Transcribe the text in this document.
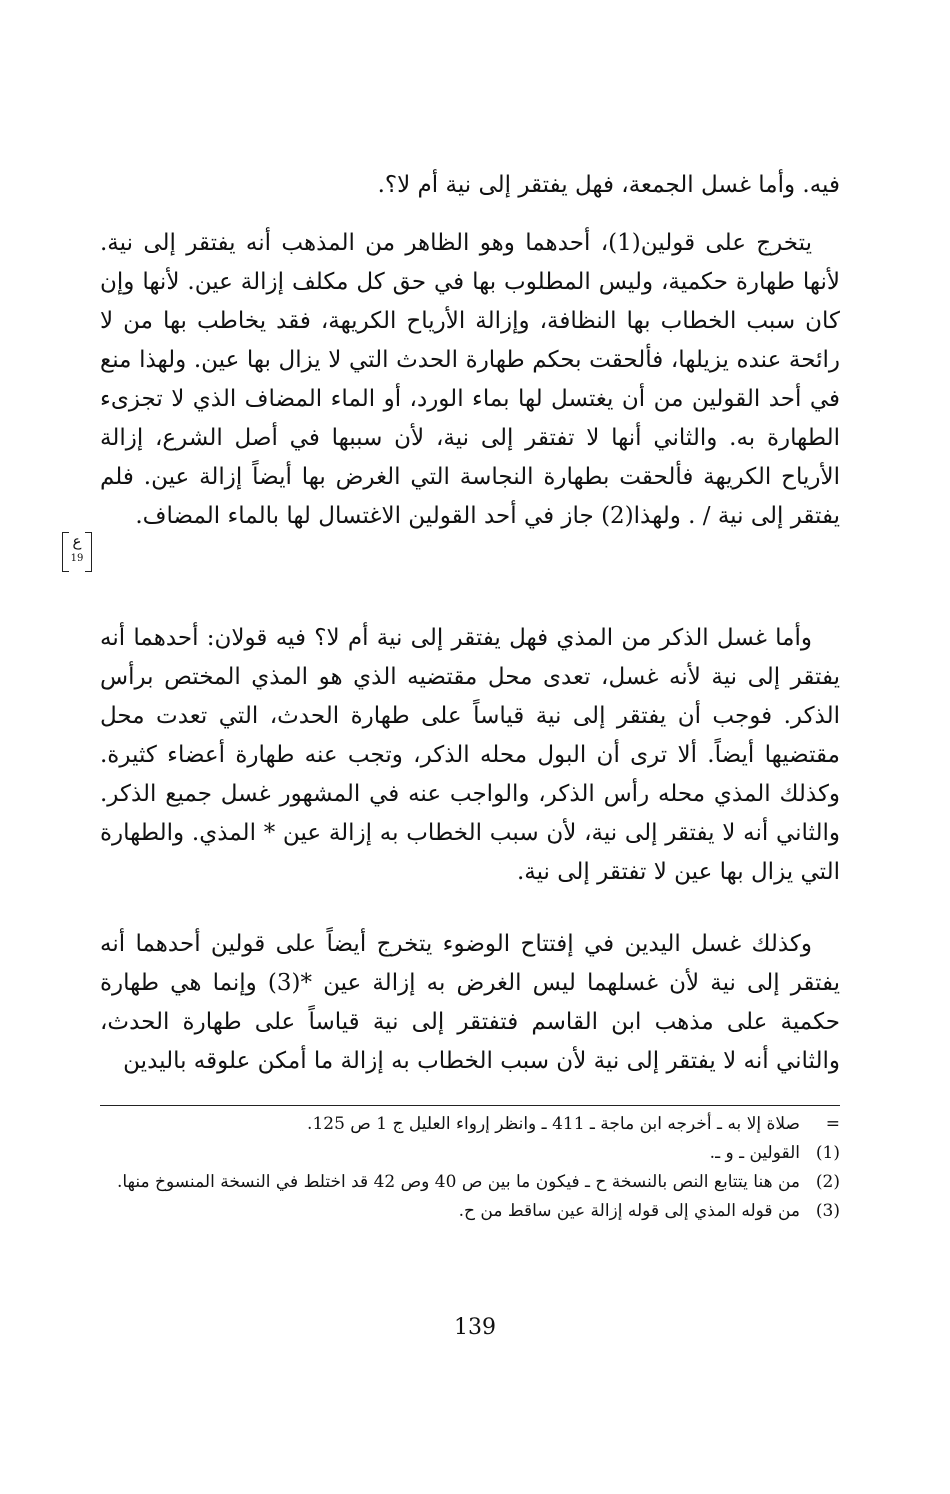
فيه. وأما غسل الجمعة، فهل يفتقر إلى نية أم لا؟.

يتخرج على قولين(1)، أحدهما وهو الظاهر من المذهب أنه يفتقر إلى نية. لأنها طهارة حكمية، وليس المطلوب بها في حق كل مكلف إزالة عين. لأنها وإن كان سبب الخطاب بها النظافة، وإزالة الأرياح الكريهة، فقد يخاطب بها من لا رائحة عنده يزيلها، فألحقت بحكم طهارة الحدث التي لا يزال بها عين. ولهذا منع في أحد القولين من أن يغتسل لها بماء الورد، أو الماء المضاف الذي لا تجزىء الطهارة به. والثاني أنها لا تفتقر إلى نية، لأن سببها في أصل الشرع، إزالة الأرياح الكريهة فألحقت بطهارة النجاسة التي الغرض بها أيضاً إزالة عين. فلم يفتقر إلى نية / . ولهذا(2) جاز في أحد القولين الاغتسال لها بالماء المضاف.

ع
19

وأما غسل الذكر من المذي فهل يفتقر إلى نية أم لا؟ فيه قولان: أحدهما أنه يفتقر إلى نية لأنه غسل، تعدى محل مقتضيه الذي هو المذي المختص برأس الذكر. فوجب أن يفتقر إلى نية قياساً على طهارة الحدث، التي تعدت محل مقتضيها أيضاً. ألا ترى أن البول محله الذكر، وتجب عنه طهارة أعضاء كثيرة. وكذلك المذي محله رأس الذكر، والواجب عنه في المشهور غسل جميع الذكر. والثاني أنه لا يفتقر إلى نية، لأن سبب الخطاب به إزالة عين * المذي. والطهارة التي يزال بها عين لا تفتقر إلى نية.

وكذلك غسل اليدين في إفتتاح الوضوء يتخرج أيضاً على قولين أحدهما أنه يفتقر إلى نية لأن غسلهما ليس الغرض به إزالة عين *(3) وإنما هي طهارة حكمية على مذهب ابن القاسم فتفتقر إلى نية قياساً على طهارة الحدث، والثاني أنه لا يفتقر إلى نية لأن سبب الخطاب به إزالة ما أمكن علوقه باليدين

=
صلاة إلا به ـ أخرجه ابن ماجة ـ 411 ـ وانظر إرواء العليل ج 1 ص 125.
(1)
القولين ـ و ـ.
(2)
من هنا يتتابع النص بالنسخة ح ـ فيكون ما بين ص 40 وص 42 قد اختلط في النسخة المنسوخ منها.
(3)
من قوله المذي إلى قوله إزالة عين ساقط من ح.
139
